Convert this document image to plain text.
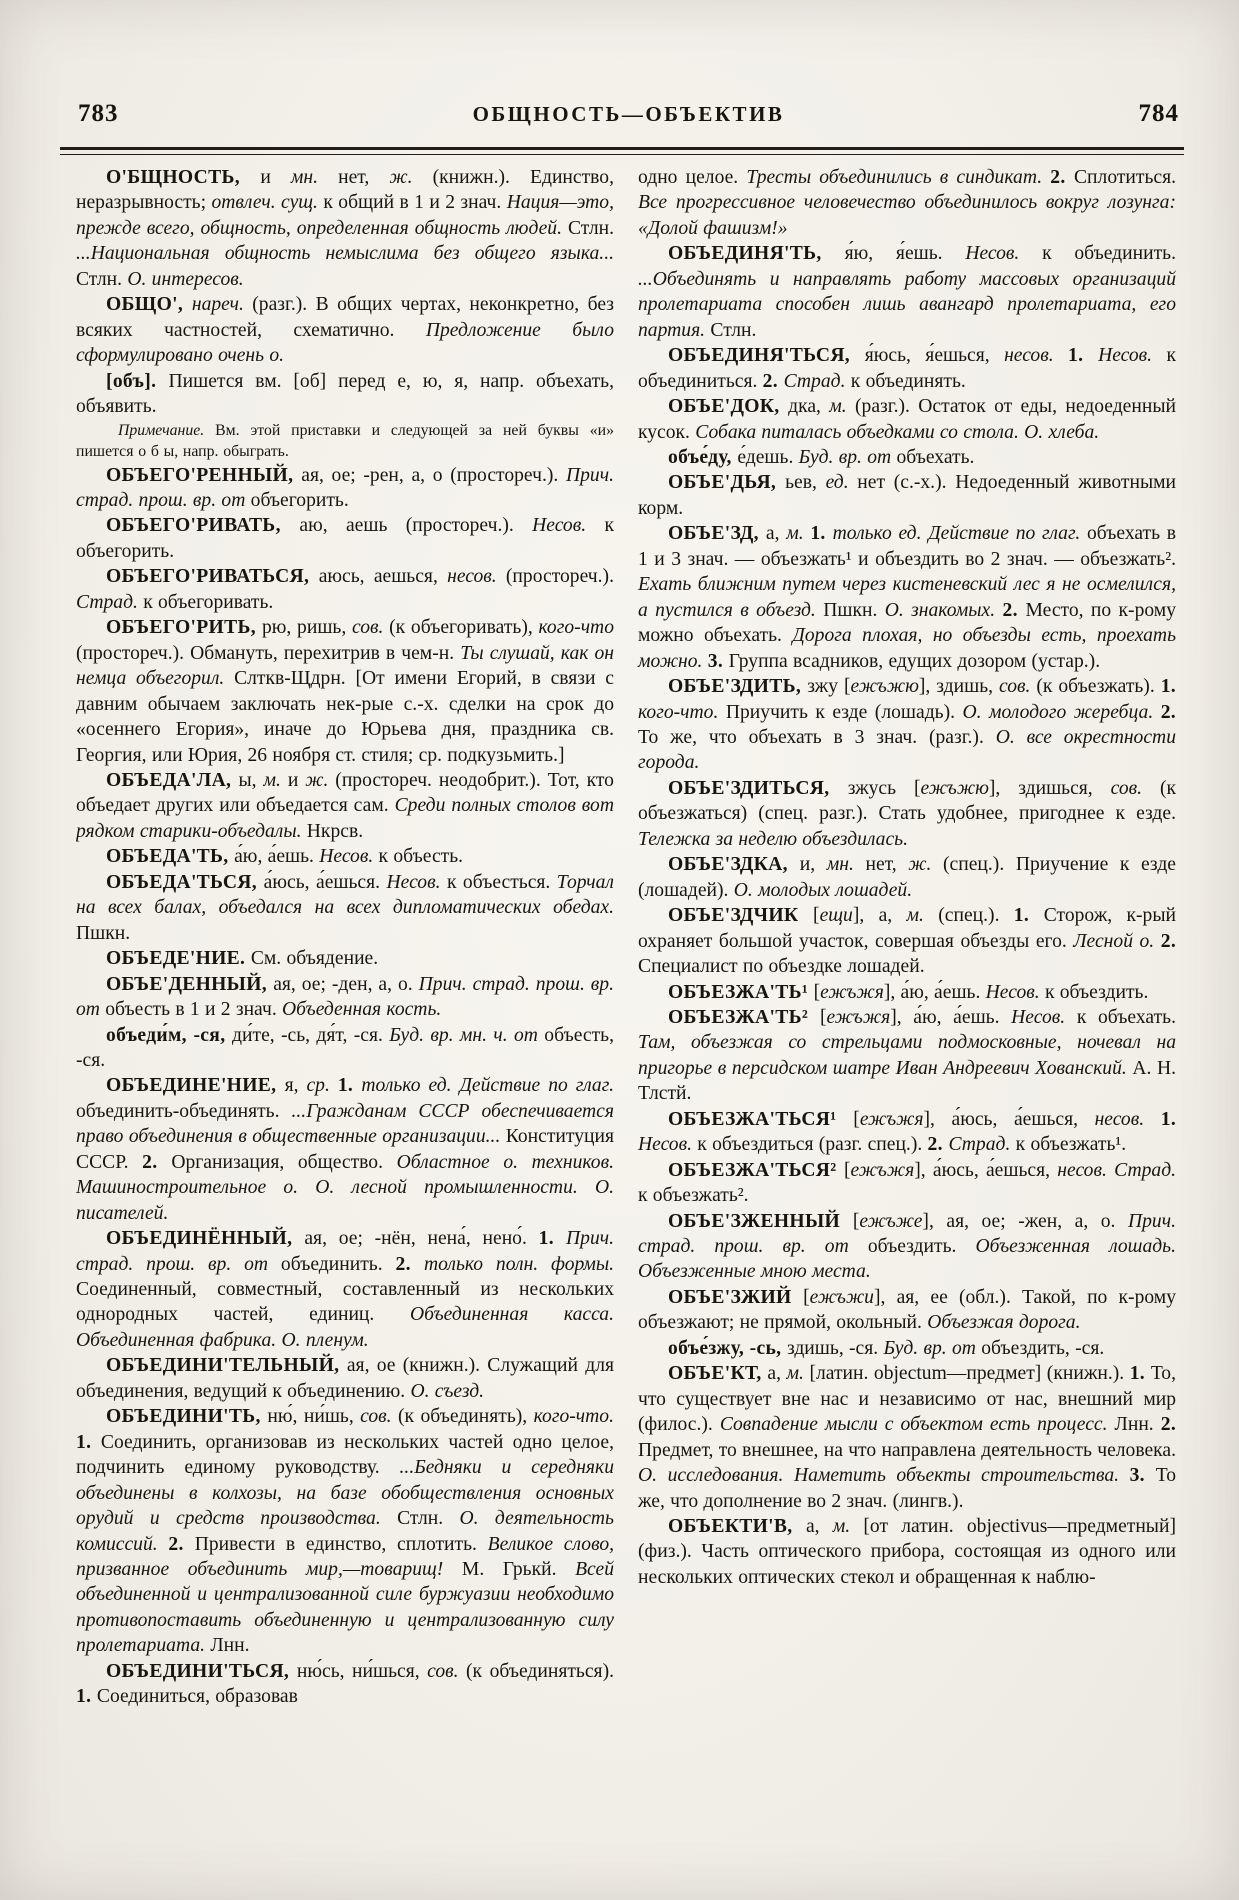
783	ОБЩНОСТЬ—ОБЪЕКТИВ	784

О'БЩНОСТЬ, и мн. нет, ж. (книжн.). Единство, неразрывность; отвлеч. сущ. к общий в 1 и 2 знач. Нация—это, прежде всего, общность, определенная общность людей. Стлн. ...Национальная общность немыслима без общего языка... Стлн. О. интересов.

ОБЩО', нареч. (разг.). В общих чертах, неконкретно, без всяких частностей, схематично. Предложение было сформулировано очень о.

[объ]. Пишется вм. [об] перед е, ю, я, напр. объехать, объявить.

Примечание. Вм. этой приставки и следующей за ней буквы «и» пишется о б ы, напр. обыграть.

ОБЪЕГО'РЕННЫЙ, ая, ое; -рен, а, о (простореч.). Прич. страд. прош. вр. от объегорить.

ОБЪЕГО'РИВАТЬ, аю, аешь (простореч.). Несов. к объегорить.

ОБЪЕГО'РИВАТЬСЯ, аюсь, аешься, несов. (простореч.). Страд. к объегоривать.

ОБЪЕГО'РИТЬ, рю, ришь, сов. (к объегоривать), кого-что (простореч.). Обмануть, перехитрив в чем-н. Ты слушай, как он немца объегорил. Слткв-Щдрн. [От имени Егорий, в связи с давним обычаем заключать нек-рые с.-х. сделки на срок до «осеннего Егория», иначе до Юрьева дня, праздника св. Георгия, или Юрия, 26 ноября ст. стиля; ср. подкузьмить.]

ОБЪЕДА'ЛА, ы, м. и ж. (простореч. неодобрит.). Тот, кто объедает других или объедается сам. Среди полных столов вот рядком старики-объедалы. Нкрсв.

ОБЪЕДА'ТЬ, а́ю, а́ешь. Несов. к объесть.

ОБЪЕДА'ТЬСЯ, а́юсь, а́ешься. Несов. к объесться. Торчал на всех балах, объедался на всех дипломатических обедах. Пшкн.

ОБЪЕДЕ'НИЕ. См. объядение.

ОБЪЕ'ДЕННЫЙ, ая, ое; -ден, а, о. Прич. страд. прош. вр. от объесть в 1 и 2 знач. Объеденная кость.

объеди́м, -ся, ди́те, -сь, дя́т, -ся. Буд. вр. мн. ч. от объесть, -ся.

ОБЪЕДИНЕ'НИЕ, я, ср. 1. только ед. Действие по глаг. объединить-объединять. ...Гражданам СССР обеспечивается право объединения в общественные организации... Конституция СССР. 2. Организация, общество. Областное о. техников. Машиностроительное о. О. лесной промышленности. О. писателей.

ОБЪЕДИНЁННЫЙ, ая, ое; -нён, нена́, нено́. 1. Прич. страд. прош. вр. от объединить. 2. только полн. формы. Соединенный, совместный, составленный из нескольких однородных частей, единиц. Объединенная касса. Объединенная фабрика. О. пленум.

ОБЪЕДИНИ'ТЕЛЬНЫЙ, ая, ое (книжн.). Служащий для объединения, ведущий к объединению. О. съезд.

ОБЪЕДИНИ'ТЬ, ню́, ни́шь, сов. (к объединять), кого-что. 1. Соединить, организовав из нескольких частей одно целое, подчинить единому руководству. ...Бедняки и середняки объединены в колхозы, на базе обобществления основных орудий и средств производства. Стлн. О. деятельность комиссий. 2. Привести в единство, сплотить. Великое слово, призванное объединить мир,—товарищ! М. Грькй. Всей объединенной и централизованной силе буржуазии необходимо противопоставить объединенную и централизованную силу пролетариата. Лнн.

ОБЪЕДИНИ'ТЬСЯ, ню́сь, ни́шься, сов. (к объединяться). 1. Соединиться, образовав

одно целое. Тресты объединились в синдикат. 2. Сплотиться. Все прогрессивное человечество объединилось вокруг лозунга: «Долой фашизм!»

ОБЪЕДИНЯ'ТЬ, я́ю, я́ешь. Несов. к объединить. ...Объединять и направлять работу массовых организаций пролетариата способен лишь авангард пролетариата, его партия. Стлн.

ОБЪЕДИНЯ'ТЬСЯ, я́юсь, я́ешься, несов. 1. Несов. к объединиться. 2. Страд. к объединять.

ОБЪЕ'ДОК, дка, м. (разг.). Остаток от еды, недоеденный кусок. Собака питалась объедками со стола. О. хлеба.

объе́ду, е́дешь. Буд. вр. от объехать.

ОБЪЕ'ДЬЯ, ьев, ед. нет (с.-х.). Недоеденный животными корм.

ОБЪЕ'ЗД, а, м. 1. только ед. Действие по глаг. объехать в 1 и 3 знач. — объезжать¹ и объездить во 2 знач. — объезжать². Ехать ближним путем через кистеневский лес я не осмелился, а пустился в объезд. Пшкн. О. знакомых. 2. Место, по к-рому можно объехать. Дорога плохая, но объезды есть, проехать можно. 3. Группа всадников, едущих дозором (устар.).

ОБЪЕ'ЗДИТЬ, зжу [ежъжю], здишь, сов. (к объезжать). 1. кого-что. Приучить к езде (лошадь). О. молодого жеребца. 2. То же, что объехать в 3 знач. (разг.). О. все окрестности города.

ОБЪЕ'ЗДИТЬСЯ, зжусь [ежъжю], здишься, сов. (к объезжаться) (спец. разг.). Стать удобнее, пригоднее к езде. Тележка за неделю объездилась.

ОБЪЕ'ЗДКА, и, мн. нет, ж. (спец.). Приучение к езде (лошадей). О. молодых лошадей.

ОБЪЕ'ЗДЧИК [ещи], а, м. (спец.). 1. Сторож, к-рый охраняет большой участок, совершая объезды его. Лесной о. 2. Специалист по объездке лошадей.

ОБЪЕЗЖА'ТЬ¹ [ежъжя], а́ю, а́ешь. Несов. к объездить.

ОБЪЕЗЖА'ТЬ² [ежъжя], а́ю, а́ешь. Несов. к объехать. Там, объезжая со стрельцами подмосковные, ночевал на пригорье в персидском шатре Иван Андреевич Хованский. А. Н. Тлстй.

ОБЪЕЗЖА'ТЬСЯ¹ [ежъжя], а́юсь, а́ешься, несов. 1. Несов. к объездиться (разг. спец.). 2. Страд. к объезжать¹.

ОБЪЕЗЖА'ТЬСЯ² [ежъжя], а́юсь, а́ешься, несов. Страд. к объезжать².

ОБЪЕ'ЗЖЕННЫЙ [ежъже], ая, ое; -жен, а, о. Прич. страд. прош. вр. от объездить. Объезженная лошадь. Объезженные мною места.

ОБЪЕ'ЗЖИЙ [ежъжи], ая, ее (обл.). Такой, по к-рому объезжают; не прямой, окольный. Объезжая дорога.

объе́зжу, -сь, здишь, -ся. Буд. вр. от объездить, -ся.

ОБЪЕ'КТ, а, м. [латин. objectum—предмет] (книжн.). 1. То, что существует вне нас и независимо от нас, внешний мир (филос.). Совпадение мысли с объектом есть процесс. Лнн. 2. Предмет, то внешнее, на что направлена деятельность человека. О. исследования. Наметить объекты строительства. 3. То же, что дополнение во 2 знач. (лингв.).

ОБЪЕКТИ'В, а, м. [от латин. objectivus—предметный] (физ.). Часть оптического прибора, состоящая из одного или нескольких оптических стекол и обращенная к наблю-
